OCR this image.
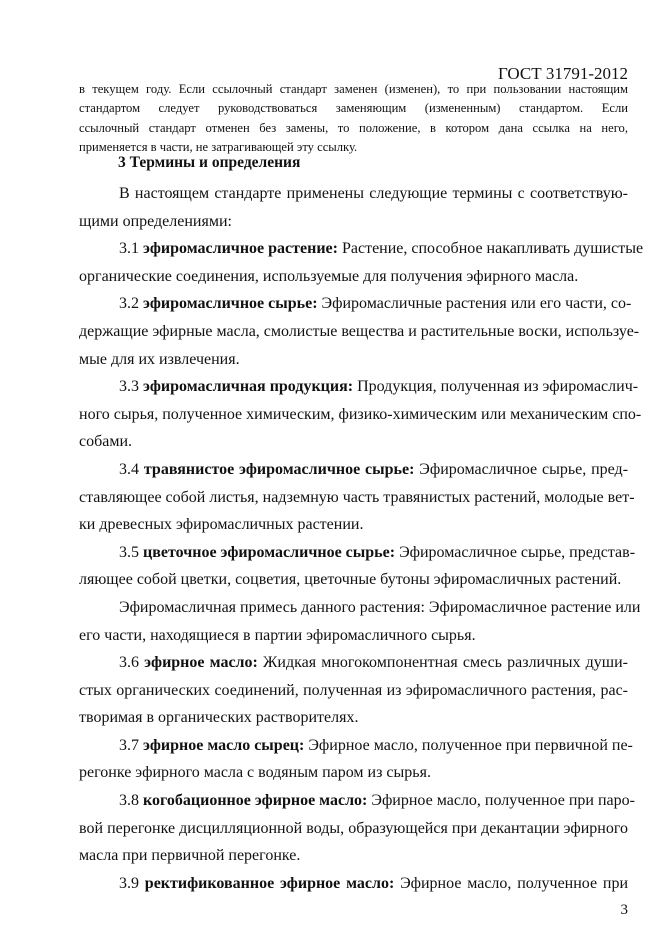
ГОСТ 31791-2012
в текущем году. Если ссылочный стандарт заменен (изменен), то при пользовании настоящим
стандартом следует руководствоваться заменяющим (измененным) стандартом. Если
ссылочный стандарт отменен без замены, то положение, в котором дана ссылка на него,
применяется в части, не затрагивающей эту ссылку.
3 Термины и определения
В настоящем стандарте применены следующие термины с соответствую-
щими определениями:
3.1 эфиромасличное растение: Растение, способное накапливать душистые
органические соединения, используемые для получения эфирного масла.
3.2 эфиромасличное сырье: Эфиромасличные растения или его части, со-
держащие эфирные масла, смолистые вещества и растительные воски, используе-
мые для их извлечения.
3.3 эфиромасличная продукция: Продукция, полученная из эфиромаслич-
ного сырья, полученное химическим, физико-химическим или механическим спо-
собами.
3.4 травянистое эфиромасличное сырье: Эфиромасличное сырье, пред-
ставляющее собой листья, надземную часть травянистых растений, молодые вет-
ки древесных эфиромасличных растении.
3.5 цветочное эфиромасличное сырье: Эфиромасличное сырье, представ-
ляющее собой цветки, соцветия, цветочные бутоны эфиромасличных растений.
Эфиромасличная примесь данного растения: Эфиромасличное растение или
его части, находящиеся в партии эфиромасличного сырья.
3.6 эфирное масло: Жидкая многокомпонентная смесь различных души-
стых органических соединений, полученная из эфиромасличного растения, рас-
творимая в органических растворителях.
3.7 эфирное масло сырец: Эфирное масло, полученное при первичной пе-
регонке эфирного масла с водяным паром из сырья.
3.8 когобационное эфирное масло: Эфирное масло, полученное при паро-
вой перегонке дисцилляционной воды, образующейся при декантации эфирного
масла при первичной перегонке.
3.9 ректификованное эфирное масло: Эфирное масло, полученное при
3
